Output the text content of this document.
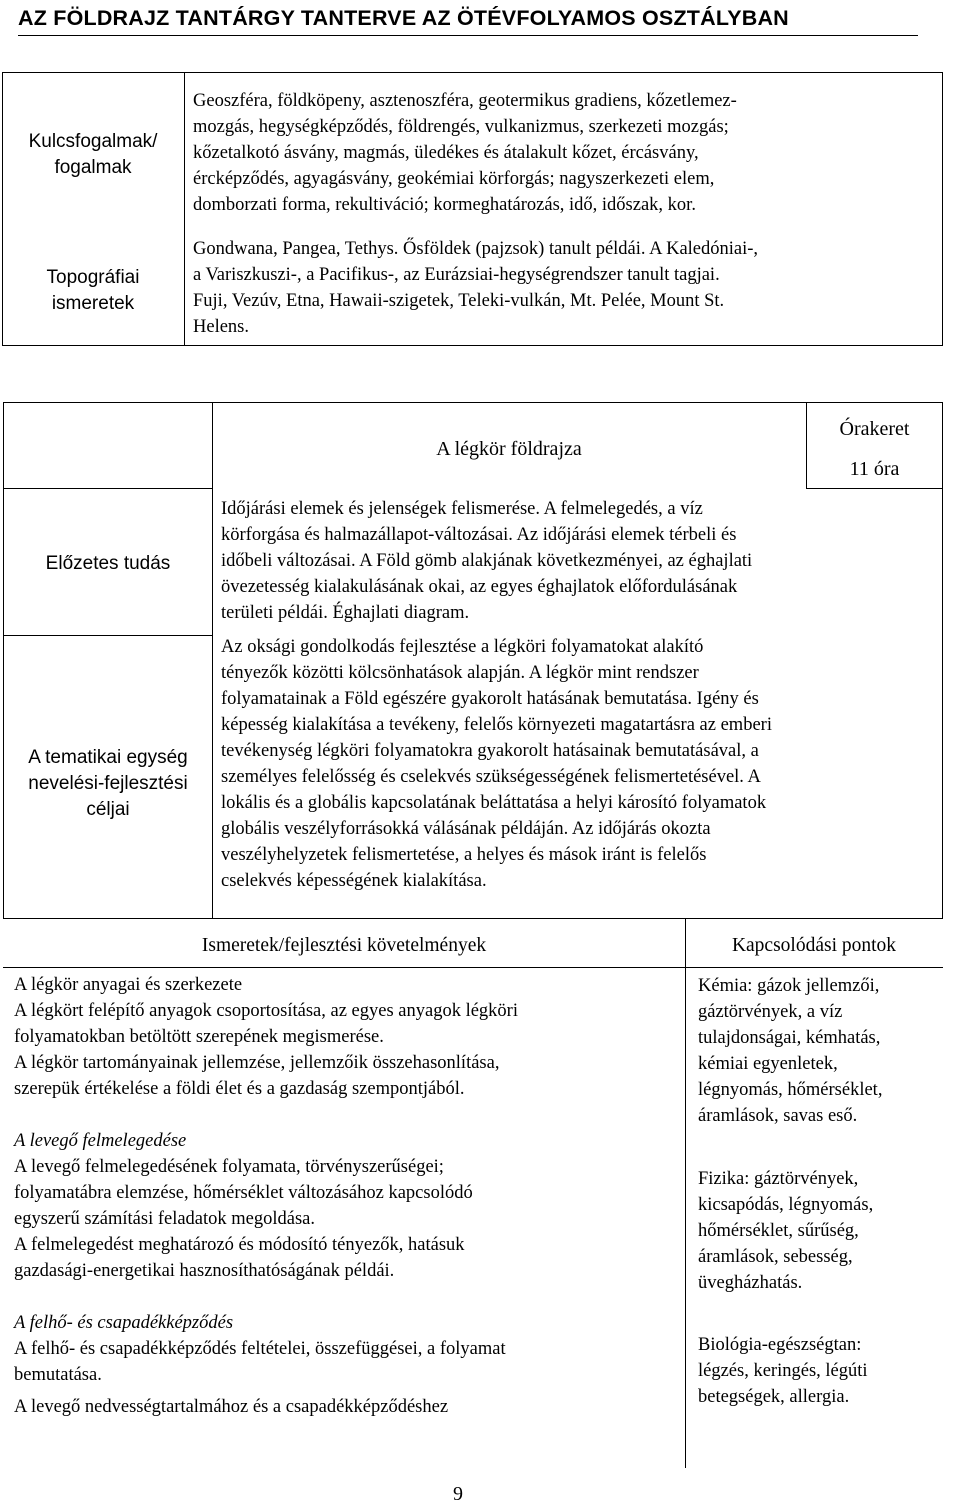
AZ FÖLDRAJZ TANTÁRGY TANTERVE AZ ÖTÉVFOLYAMOS OSZTÁLYBAN
Kulcsfogalmak/
fogalmak
Topográfiai
ismeretek
Geoszféra, földköpeny, asztenoszféra, geotermikus gradiens, kőzetlemez-
mozgás, hegységképződés, földrengés, vulkanizmus, szerkezeti mozgás;
kőzetalkotó ásvány, magmás, üledékes és átalakult kőzet, ércásvány,
ércképződés, agyagásvány, geokémiai körforgás; nagyszerkezeti elem,
domborzati forma, rekultiváció; kormeghatározás, idő, időszak, kor.
Gondwana, Pangea, Tethys. Ősföldek (pajzsok) tanult példái. A Kaledóniai-,
a Variszkuszi-, a Pacifikus-, az Eurázsiai-hegységrendszer tanult tagjai.
Fuji, Vezúv, Etna, Hawaii-szigetek, Teleki-vulkán, Mt. Pelée, Mount St.
Helens.
A légkör földrajza
Órakeret
11 óra
Előzetes tudás
A tematikai egység
nevelési-fejlesztési
céljai
Időjárási elemek és jelenségek felismerése. A felmelegedés, a víz
körforgása és halmazállapot-változásai. Az időjárási elemek térbeli és
időbeli változásai. A Föld gömb alakjának következményei, az éghajlati
övezetesség kialakulásának okai, az egyes éghajlatok előfordulásának
területi példái. Éghajlati diagram.
Az oksági gondolkodás fejlesztése a légköri folyamatokat alakító
tényezők közötti kölcsönhatások alapján. A légkör mint rendszer
folyamatainak a Föld egészére gyakorolt hatásának bemutatása. Igény és
képesség kialakítása a tevékeny, felelős környezeti magatartásra az emberi
tevékenység légköri folyamatokra gyakorolt hatásainak bemutatásával, a
személyes felelősség és cselekvés szükségességének felismertetésével. A
lokális és a globális kapcsolatának beláttatása a helyi károsító folyamatok
globális veszélyforrásokká válásának példáján. Az időjárás okozta
veszélyhelyzetek felismertetése, a helyes és mások iránt is felelős
cselekvés képességének kialakítása.
Ismeretek/fejlesztési követelmények	Kapcsolódási pontok
A légkör anyagai és szerkezete
A légkört felépítő anyagok csoportosítása, az egyes anyagok légköri
folyamatokban betöltött szerepének megismerése.
A légkör tartományainak jellemzése, jellemzőik összehasonlítása,
szerepük értékelése a földi élet és a gazdaság szempontjából.
A levegő felmelegedése
A levegő felmelegedésének folyamata, törvényszerűségei;
folyamatábra elemzése, hőmérséklet változásához kapcsolódó
egyszerű számítási feladatok megoldása.
A felmelegedést meghatározó és módosító tényezők, hatásuk
gazdasági-energetikai hasznosíthatóságának példái.
A felhő- és csapadékképződés
A felhő- és csapadékképződés feltételei, összefüggései, a folyamat
bemutatása.
A levegő nedvességtartalmához és a csapadékképződéshez
Kémia: gázok jellemzői,
gáztörvények, a víz
tulajdonságai, kémhatás,
kémiai egyenletek,
légnyomás, hőmérséklet,
áramlások, savas eső.
Fizika: gáztörvények,
kicsapódás, légnyomás,
hőmérséklet, sűrűség,
áramlások, sebesség,
üvegházhatás.
Biológia-egészségtan:
légzés, keringés, légúti
betegségek, allergia.
9
